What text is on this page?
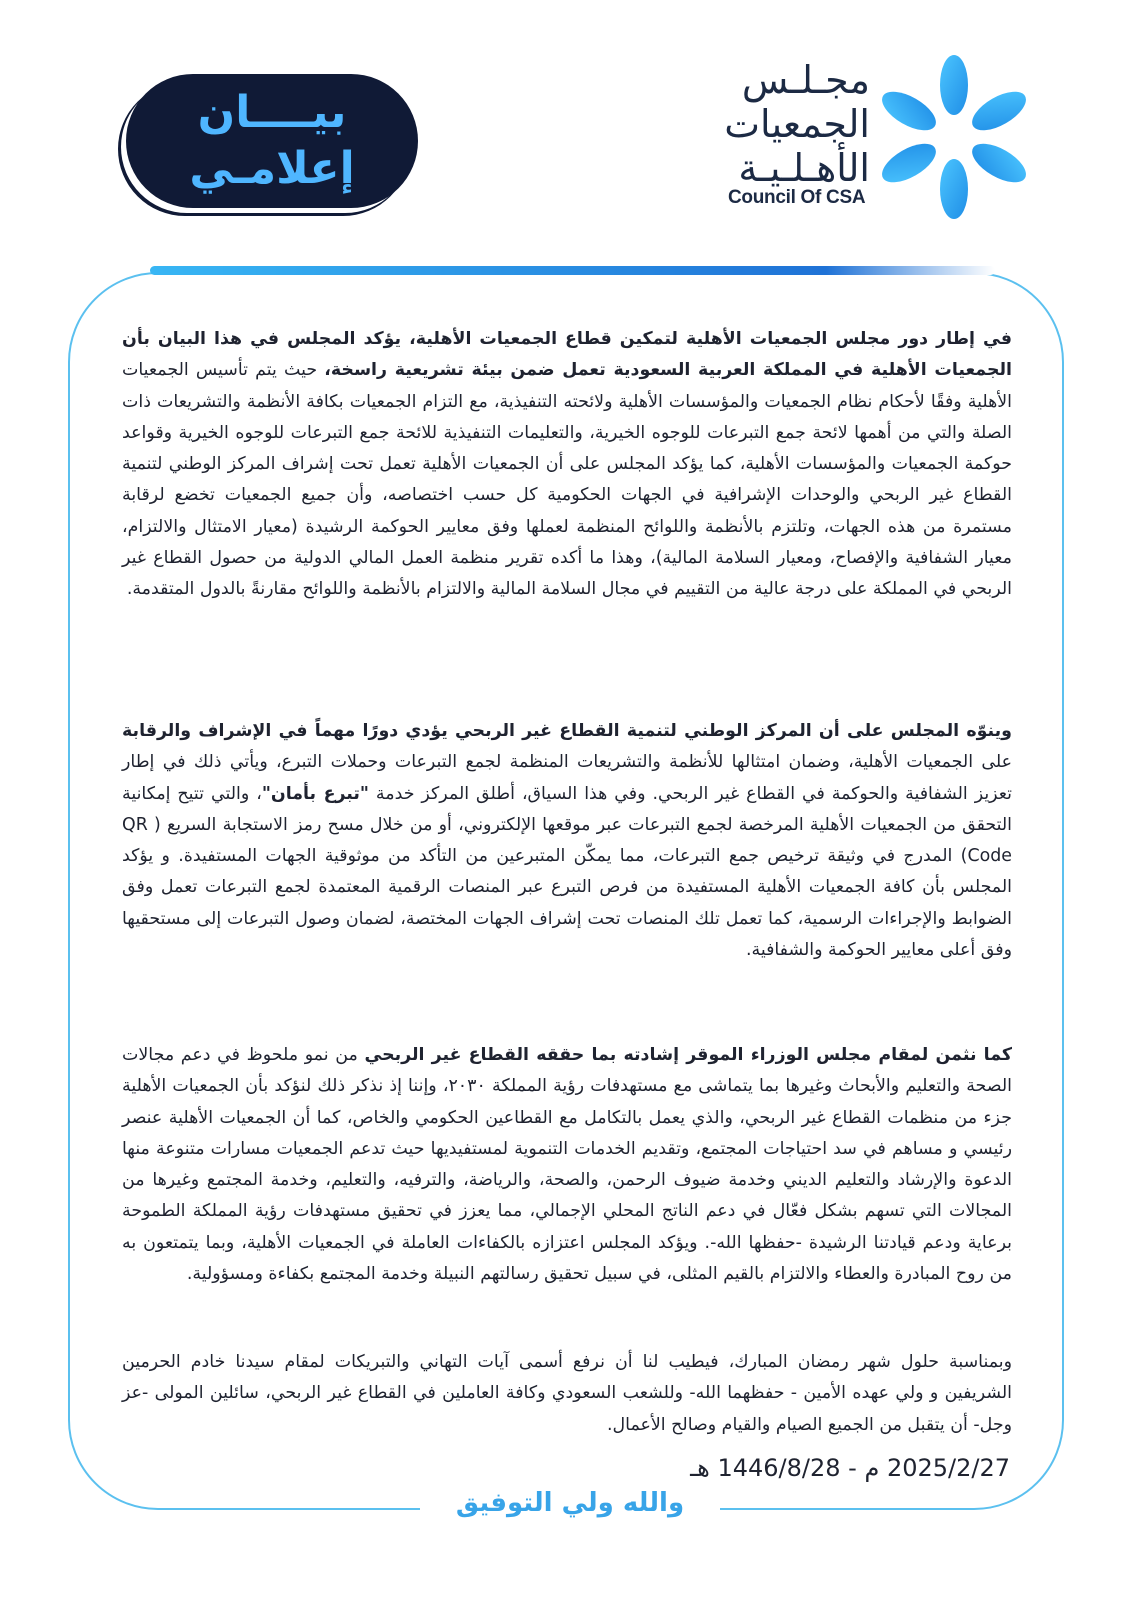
مجـلـس
الجمعيات
الأهـلـيـة
Council Of CSA
بيــــان
إعلامـي

في إطار دور مجلس الجمعيات الأهلية لتمكين قطاع الجمعيات الأهلية، يؤكد المجلس في هذا البيان بأن الجمعيات الأهلية في المملكة العربية السعودية تعمل ضمن بيئة تشريعية راسخة، حيث يتم تأسيس الجمعيات الأهلية وفقًا لأحكام نظام الجمعيات والمؤسسات الأهلية ولائحته التنفيذية، مع التزام الجمعيات بكافة الأنظمة والتشريعات ذات الصلة والتي من أهمها لائحة جمع التبرعات للوجوه الخيرية، والتعليمات التنفيذية للائحة جمع التبرعات للوجوه الخيرية وقواعد حوكمة الجمعيات والمؤسسات الأهلية، كما يؤكد المجلس على أن الجمعيات الأهلية تعمل تحت إشراف المركز الوطني لتنمية القطاع غير الربحي والوحدات الإشرافية في الجهات الحكومية كل حسب اختصاصه، وأن جميع الجمعيات تخضع لرقابة مستمرة من هذه الجهات، وتلتزم بالأنظمة واللوائح المنظمة لعملها وفق معايير الحوكمة الرشيدة (معيار الامتثال والالتزام، معيار الشفافية والإفصاح، ومعيار السلامة المالية)، وهذا ما أكده تقرير منظمة العمل المالي الدولية من حصول القطاع غير الربحي في المملكة على درجة عالية من التقييم في مجال السلامة المالية والالتزام بالأنظمة واللوائح مقارنةً بالدول المتقدمة.

وينوّه المجلس على أن المركز الوطني لتنمية القطاع غير الربحي يؤدي دورًا مهماً في الإشراف والرقابة على الجمعيات الأهلية، وضمان امتثالها للأنظمة والتشريعات المنظمة لجمع التبرعات وحملات التبرع، ويأتي ذلك في إطار تعزيز الشفافية والحوكمة في القطاع غير الربحي. وفي هذا السياق، أطلق المركز خدمة "تبرع بأمان"، والتي تتيح إمكانية التحقق من الجمعيات الأهلية المرخصة لجمع التبرعات عبر موقعها الإلكتروني، أو من خلال مسح رمز الاستجابة السريع ( QR Code) المدرج في وثيقة ترخيص جمع التبرعات، مما يمكّن المتبرعين من التأكد من موثوقية الجهات المستفيدة. و يؤكد المجلس بأن كافة الجمعيات الأهلية المستفيدة من فرص التبرع عبر المنصات الرقمية المعتمدة لجمع التبرعات تعمل وفق الضوابط والإجراءات الرسمية، كما تعمل تلك المنصات تحت إشراف الجهات المختصة، لضمان وصول التبرعات إلى مستحقيها وفق أعلى معايير الحوكمة والشفافية.

كما نثمن لمقام مجلس الوزراء الموقر إشادته بما حققه القطاع غير الربحي من نمو ملحوظ في دعم مجالات الصحة والتعليم والأبحاث وغيرها بما يتماشى مع مستهدفات رؤية المملكة ٢٠٣٠، وإننا إذ نذكر ذلك لنؤكد بأن الجمعيات الأهلية جزء من منظمات القطاع غير الربحي، والذي يعمل بالتكامل مع القطاعين الحكومي والخاص، كما أن الجمعيات الأهلية عنصر رئيسي و مساهم في سد احتياجات المجتمع، وتقديم الخدمات التنموية لمستفيديها حيث تدعم الجمعيات مسارات متنوعة منها الدعوة والإرشاد والتعليم الديني وخدمة ضيوف الرحمن، والصحة، والرياضة، والترفيه، والتعليم، وخدمة المجتمع وغيرها من المجالات التي تسهم بشكل فعّال في دعم الناتج المحلي الإجمالي، مما يعزز في تحقيق مستهدفات رؤية المملكة الطموحة برعاية ودعم قيادتنا الرشيدة -حفظها الله-. ويؤكد المجلس اعتزازه بالكفاءات العاملة في الجمعيات الأهلية، وبما يتمتعون به من روح المبادرة والعطاء والالتزام بالقيم المثلى، في سبيل تحقيق رسالتهم النبيلة وخدمة المجتمع بكفاءة ومسؤولية.

وبمناسبة حلول شهر رمضان المبارك، فيطيب لنا أن نرفع أسمى آيات التهاني والتبريكات لمقام سيدنا خادم الحرمين الشريفين و ولي عهده الأمين - حفظهما الله- وللشعب السعودي وكافة العاملين في القطاع غير الربحي، سائلين المولى -عز وجل- أن يتقبل من الجميع الصيام والقيام وصالح الأعمال.

2025/2/27 م - 1446/8/28 هـ
والله ولي التوفيق
